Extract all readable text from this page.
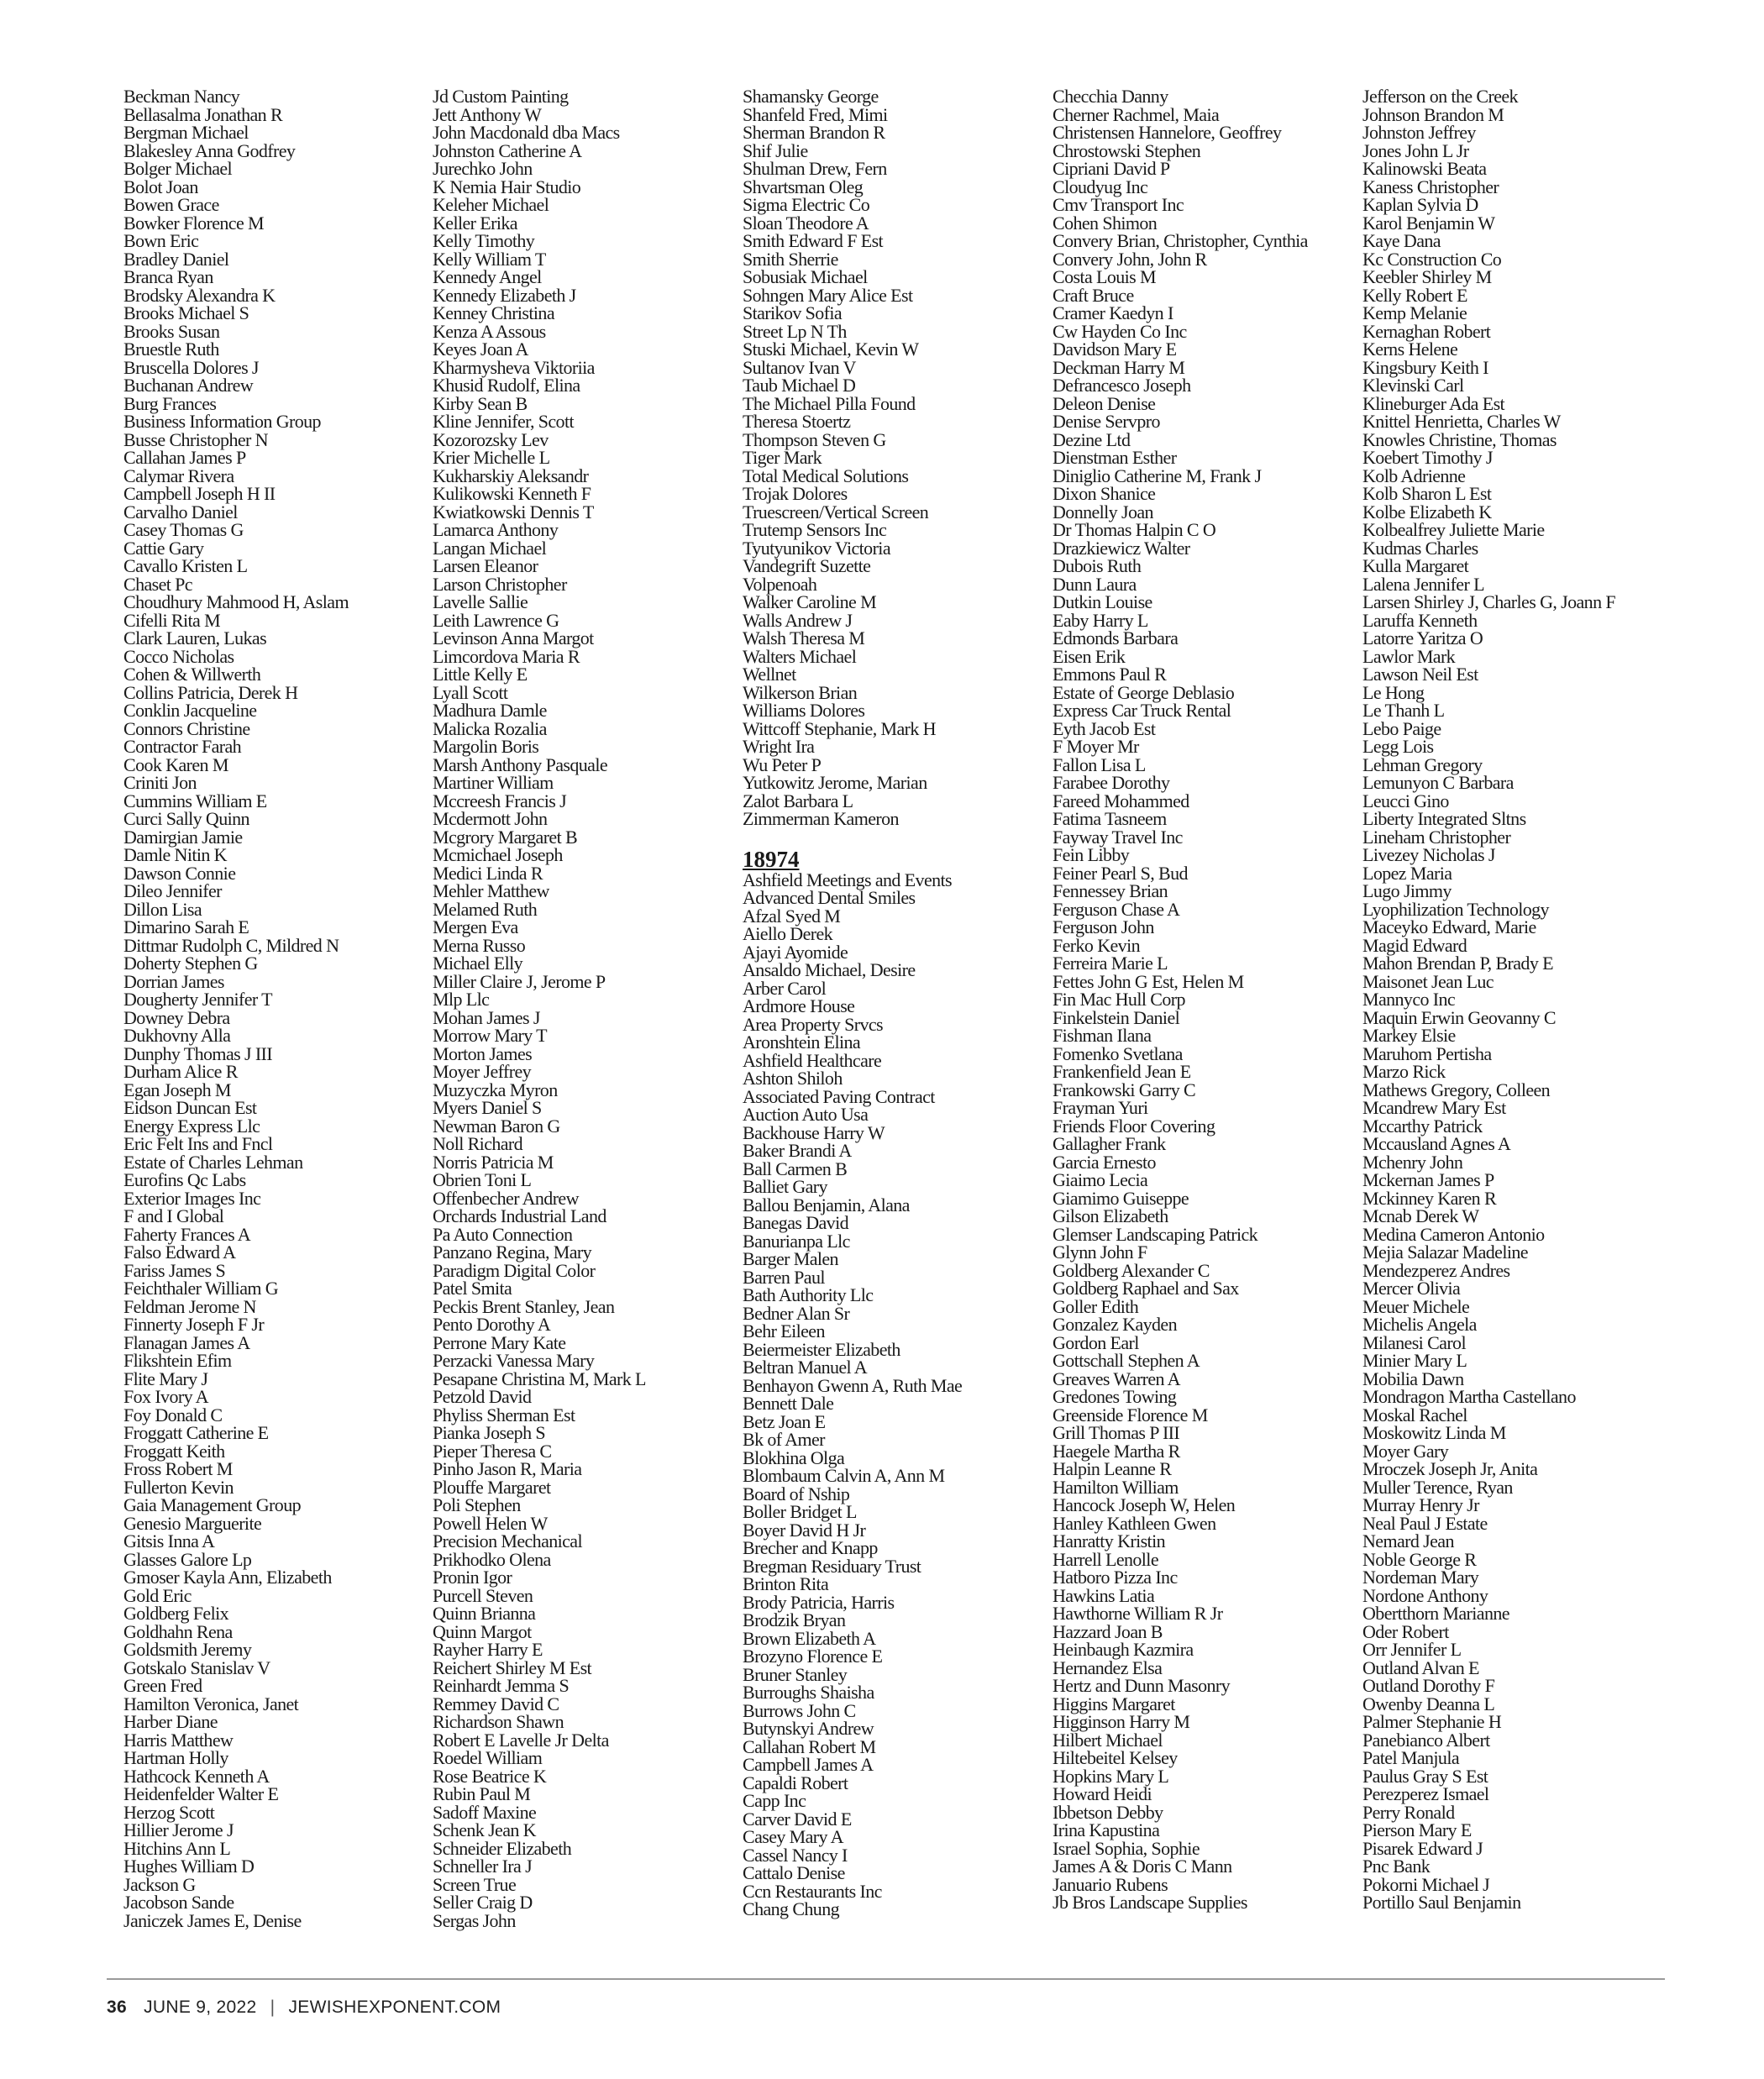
Beckman Nancy
Bellasalma Jonathan R
Bergman Michael
Blakesley Anna Godfrey
Bolger Michael
Bolot Joan
Bowen Grace
Bowker Florence M
Bown Eric
Bradley Daniel
Branca Ryan
Brodsky Alexandra K
Brooks Michael S
Brooks Susan
Bruestle Ruth
Bruscella Dolores J
Buchanan Andrew
Burg Frances
Business Information Group
Busse Christopher N
Callahan James P
Calymar Rivera
Campbell Joseph H II
Carvalho Daniel
Casey Thomas G
Cattie Gary
Cavallo Kristen L
Chaset Pc
Choudhury Mahmood H, Aslam
Cifelli Rita M
Clark Lauren, Lukas
Cocco Nicholas
Cohen & Willwerth
Collins Patricia, Derek H
Conklin Jacqueline
Connors Christine
Contractor Farah
Cook Karen M
Criniti Jon
Cummins William E
Curci Sally Quinn
Damirgian Jamie
Damle Nitin K
Dawson Connie
Dileo Jennifer
Dillon Lisa
Dimarino Sarah E
Dittmar Rudolph C, Mildred N
Doherty Stephen G
Dorrian James
Dougherty Jennifer T
Downey Debra
Dukhovny Alla
Dunphy Thomas J III
Durham Alice R
Egan Joseph M
Eidson Duncan Est
Energy Express Llc
Eric Felt Ins and Fncl
Estate of Charles Lehman
Eurofins Qc Labs
Exterior Images Inc
F and I Global
Faherty Frances A
Falso Edward A
Fariss James S
Feichthaler William G
Feldman Jerome N
Finnerty Joseph F Jr
Flanagan James A
Flikshtein Efim
Flite Mary J
Fox Ivory A
Foy Donald C
Froggatt Catherine E
Froggatt Keith
Fross Robert M
Fullerton Kevin
Gaia Management Group
Genesio Marguerite
Gitsis Inna A
Glasses Galore Lp
Gmoser Kayla Ann, Elizabeth
Gold Eric
Goldberg Felix
Goldhahn Rena
Goldsmith Jeremy
Gotskalo Stanislav V
Green Fred
Hamilton Veronica, Janet
Harber Diane
Harris Matthew
Hartman Holly
Hathcock Kenneth A
Heidenfelder Walter E
Herzog Scott
Hillier Jerome J
Hitchins Ann L
Hughes William D
Jackson G
Jacobson Sande
Janiczek James E, Denise
Jd Custom Painting
Jett Anthony W
John Macdonald dba Macs
Johnston Catherine A
Jurechko John
K Nemia Hair Studio
Keleher Michael
Keller Erika
Kelly Timothy
Kelly William T
Kennedy Angel
Kennedy Elizabeth J
Kenney Christina
Kenza A Assous
Keyes Joan A
Kharmysheva Viktoriia
Khusid Rudolf, Elina
Kirby Sean B
Kline Jennifer, Scott
Kozorozsky Lev
Krier Michelle L
Kukharskiy Aleksandr
Kulikowski Kenneth F
Kwiatkowski Dennis T
Lamarca Anthony
Langan Michael
Larsen Eleanor
Larson Christopher
Lavelle Sallie
Leith Lawrence G
Levinson Anna Margot
Limcordova Maria R
Little Kelly E
Lyall Scott
Madhura Damle
Malicka Rozalia
Margolin Boris
Marsh Anthony Pasquale
Martiner William
Mccreesh Francis J
Mcdermott John
Mcgrory Margaret B
Mcmichael Joseph
Medici Linda R
Mehler Matthew
Melamed Ruth
Mergen Eva
Merna Russo
Michael Elly
Miller Claire J, Jerome P
Mlp Llc
Mohan James J
Morrow Mary T
Morton James
Moyer Jeffrey
Muzyczka Myron
Myers Daniel S
Newman Baron G
Noll Richard
Norris Patricia M
Obrien Toni L
Offenbecher Andrew
Orchards Industrial Land
Pa Auto Connection
Panzano Regina, Mary
Paradigm Digital Color
Patel Smita
Peckis Brent Stanley, Jean
Pento Dorothy A
Perrone Mary Kate
Perzacki Vanessa Mary
Pesapane Christina M, Mark L
Petzold David
Phyliss Sherman Est
Pianka Joseph S
Pieper Theresa C
Pinho Jason R, Maria
Plouffe Margaret
Poli Stephen
Powell Helen W
Precision Mechanical
Prikhodko Olena
Pronin Igor
Purcell Steven
Quinn Brianna
Quinn Margot
Rayher Harry E
Reichert Shirley M Est
Reinhardt Jemma S
Remmey David C
Richardson Shawn
Robert E Lavelle Jr Delta
Roedel William
Rose Beatrice K
Rubin Paul M
Sadoff Maxine
Schenk Jean K
Schneider Elizabeth
Schneller Ira J
Screen True
Seller Craig D
Sergas John
Shamansky George
Shanfeld Fred, Mimi
Sherman Brandon R
Shif Julie
Shulman Drew, Fern
Shvartsman Oleg
Sigma Electric Co
Sloan Theodore A
Smith Edward F Est
Smith Sherrie
Sobusiak Michael
Sohngen Mary Alice Est
Starikov Sofia
Street Lp N Th
Stuski Michael, Kevin W
Sultanov Ivan V
Taub Michael D
The Michael Pilla Found
Theresa Stoertz
Thompson Steven G
Tiger Mark
Total Medical Solutions
Trojak Dolores
Truescreen/Vertical Screen
Trutemp Sensors Inc
Tyutyunikov Victoria
Vandegrift Suzette
Volpenoah
Walker Caroline M
Walls Andrew J
Walsh Theresa M
Walters Michael
Wellnet
Wilkerson Brian
Williams Dolores
Wittcoff Stephanie, Mark H
Wright Ira
Wu Peter P
Yutkowitz Jerome, Marian
Zalot Barbara L
Zimmerman Kameron
18974
Ashfield Meetings and Events
Advanced Dental Smiles
Afzal Syed M
Aiello Derek
Ajayi Ayomide
Ansaldo Michael, Desire
Arber Carol
Ardmore House
Area Property Srvcs
Aronshtein Elina
Ashfield Healthcare
Ashton Shiloh
Associated Paving Contract
Auction Auto Usa
Backhouse Harry W
Baker Brandi A
Ball Carmen B
Balliet Gary
Ballou Benjamin, Alana
Banegas David
Banurianpa Llc
Barger Malen
Barren Paul
Bath Authority Llc
Bedner Alan Sr
Behr Eileen
Beiermeister Elizabeth
Beltran Manuel A
Benhayon Gwenn A, Ruth Mae
Bennett Dale
Betz Joan E
Bk of Amer
Blokhina Olga
Blombaum Calvin A, Ann M
Board of Nship
Boller Bridget L
Boyer David H Jr
Brecher and Knapp
Bregman Residuary Trust
Brinton Rita
Brody Patricia, Harris
Brodzik Bryan
Brown Elizabeth A
Brozyno Florence E
Bruner Stanley
Burroughs Shaisha
Burrows John C
Butynskyi Andrew
Callahan Robert M
Campbell James A
Capaldi Robert
Capp Inc
Carver David E
Casey Mary A
Cassel Nancy I
Cattalo Denise
Ccn Restaurants Inc
Chang Chung
Checchia Danny
Cherner Rachmel, Maia
Christensen Hannelore, Geoffrey
Chrostowski Stephen
Cipriani David P
Cloudyug Inc
Cmv Transport Inc
Cohen Shimon
Convery Brian, Christopher, Cynthia
Convery John, John R
Costa Louis M
Craft Bruce
Cramer Kaedyn I
Cw Hayden Co Inc
Davidson Mary E
Deckman Harry M
Defrancesco Joseph
Deleon Denise
Denise Servpro
Dezine Ltd
Dienstman Esther
Diniglio Catherine M, Frank J
Dixon Shanice
Donnelly Joan
Dr Thomas Halpin C O
Drazkiewicz Walter
Dubois Ruth
Dunn Laura
Dutkin Louise
Eaby Harry L
Edmonds Barbara
Eisen Erik
Emmons Paul R
Estate of George Deblasio
Express Car Truck Rental
Eyth Jacob Est
F Moyer Mr
Fallon Lisa L
Farabee Dorothy
Fareed Mohammed
Fatima Tasneem
Fayway Travel Inc
Fein Libby
Feiner Pearl S, Bud
Fennessey Brian
Ferguson Chase A
Ferguson John
Ferko Kevin
Ferreira Marie L
Fettes John G Est, Helen M
Fin Mac Hull Corp
Finkelstein Daniel
Fishman Ilana
Fomenko Svetlana
Frankenfield Jean E
Frankowski Garry C
Frayman Yuri
Friends Floor Covering
Gallagher Frank
Garcia Ernesto
Giaimo Lecia
Giamimo Guiseppe
Gilson Elizabeth
Glemser Landscaping Patrick
Glynn John F
Goldberg Alexander C
Goldberg Raphael and Sax
Goller Edith
Gonzalez Kayden
Gordon Earl
Gottschall Stephen A
Greaves Warren A
Gredones Towing
Greenside Florence M
Grill Thomas P III
Haegele Martha R
Halpin Leanne R
Hamilton William
Hancock Joseph W, Helen
Hanley Kathleen Gwen
Hanratty Kristin
Harrell Lenolle
Hatboro Pizza Inc
Hawkins Latia
Hawthorne William R Jr
Hazzard Joan B
Heinbaugh Kazmira
Hernandez Elsa
Hertz and Dunn Masonry
Higgins Margaret
Higginson Harry M
Hilbert Michael
Hiltebeitel Kelsey
Hopkins Mary L
Howard Heidi
Ibbetson Debby
Irina Kapustina
Israel Sophia, Sophie
James A & Doris C Mann
Januario Rubens
Jb Bros Landscape Supplies
Jefferson on the Creek
Johnson Brandon M
Johnston Jeffrey
Jones John L Jr
Kalinowski Beata
Kaness Christopher
Kaplan Sylvia D
Karol Benjamin W
Kaye Dana
Kc Construction Co
Keebler Shirley M
Kelly Robert E
Kemp Melanie
Kernaghan Robert
Kerns Helene
Kingsbury Keith I
Klevinski Carl
Klineburger Ada Est
Knittel Henrietta, Charles W
Knowles Christine, Thomas
Koebert Timothy J
Kolb Adrienne
Kolb Sharon L Est
Kolbe Elizabeth K
Kolbealfrey Juliette Marie
Kudmas Charles
Kulla Margaret
Lalena Jennifer L
Larsen Shirley J, Charles G, Joann F
Laruffa Kenneth
Latorre Yaritza O
Lawlor Mark
Lawson Neil Est
Le Hong
Le Thanh L
Lebo Paige
Legg Lois
Lehman Gregory
Lemunyon C Barbara
Leucci Gino
Liberty Integrated Sltns
Lineham Christopher
Livezey Nicholas J
Lopez Maria
Lugo Jimmy
Lyophilization Technology
Maceyko Edward, Marie
Magid Edward
Mahon Brendan P, Brady E
Maisonet Jean Luc
Mannyco Inc
Maquin Erwin Geovanny C
Markey Elsie
Maruhom Pertisha
Marzo Rick
Mathews Gregory, Colleen
Mcandrew Mary Est
Mccarthy Patrick
Mccausland Agnes A
Mchenry John
Mckernan James P
Mckinney Karen R
Mcnab Derek W
Medina Cameron Antonio
Mejia Salazar Madeline
Mendezperez Andres
Mercer Olivia
Meuer Michele
Michelis Angela
Milanesi Carol
Minier Mary L
Mobilia Dawn
Mondragon Martha Castellano
Moskal Rachel
Moskowitz Linda M
Moyer Gary
Mroczek Joseph Jr, Anita
Muller Terence, Ryan
Murray Henry Jr
Neal Paul J Estate
Nemard Jean
Noble George R
Nordeman Mary
Nordone Anthony
Obertthorn Marianne
Oder Robert
Orr Jennifer L
Outland Alvan E
Outland Dorothy F
Owenby Deanna L
Palmer Stephanie H
Panebianco Albert
Patel Manjula
Paulus Gray S Est
Perezperez Ismael
Perry Ronald
Pierson Mary E
Pisarek Edward J
Pnc Bank
Pokorni Michael J
Portillo Saul Benjamin
36 JUNE 9, 2022 | JEWISHEXPONENT.COM
